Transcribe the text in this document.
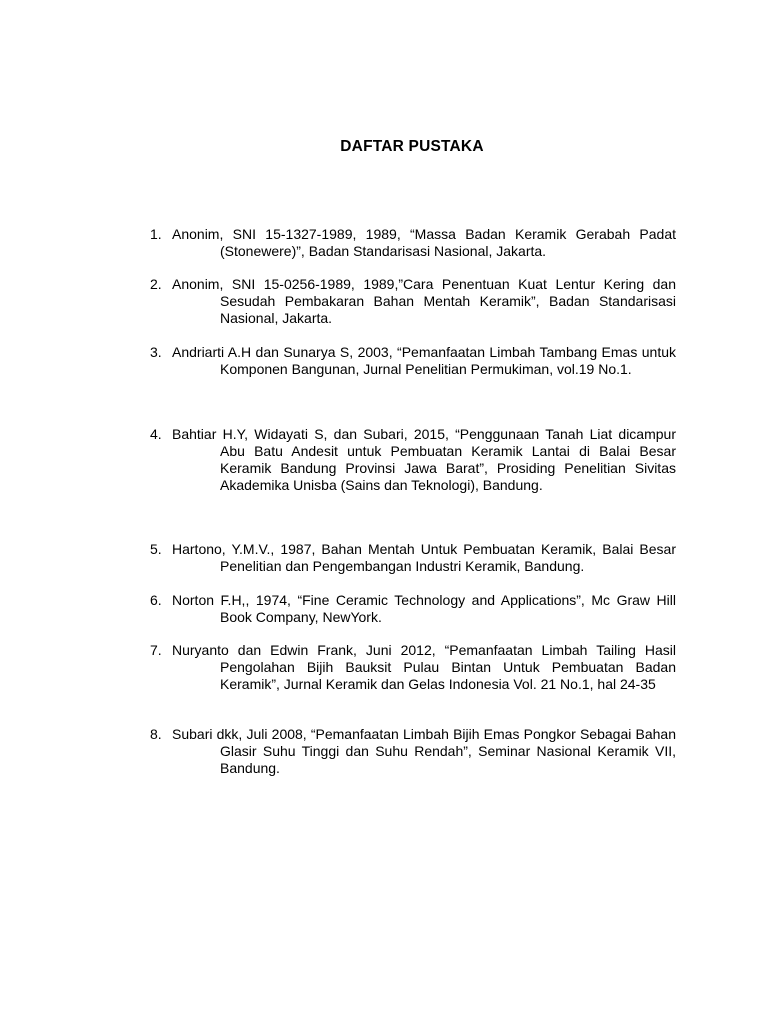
DAFTAR PUSTAKA
1. Anonim, SNI 15-1327-1989, 1989, “Massa Badan Keramik Gerabah Padat (Stonewere)”, Badan Standarisasi Nasional, Jakarta.
2. Anonim, SNI 15-0256-1989, 1989,”Cara Penentuan Kuat Lentur Kering dan Sesudah Pembakaran Bahan Mentah Keramik”, Badan Standarisasi Nasional, Jakarta.
3. Andriarti A.H dan Sunarya S, 2003, “Pemanfaatan Limbah Tambang Emas untuk Komponen Bangunan, Jurnal Penelitian Permukiman, vol.19 No.1.
4. Bahtiar H.Y, Widayati S, dan Subari, 2015, “Penggunaan Tanah Liat dicampur Abu Batu Andesit untuk Pembuatan Keramik Lantai di Balai Besar Keramik Bandung Provinsi Jawa Barat”, Prosiding Penelitian Sivitas Akademika Unisba (Sains dan Teknologi), Bandung.
5. Hartono, Y.M.V., 1987, Bahan Mentah Untuk Pembuatan Keramik, Balai Besar Penelitian dan Pengembangan Industri Keramik, Bandung.
6. Norton F.H,, 1974, “Fine Ceramic Technology and Applications”, Mc Graw Hill Book Company, NewYork.
7. Nuryanto dan Edwin Frank, Juni 2012, “Pemanfaatan Limbah Tailing Hasil Pengolahan Bijih Bauksit Pulau Bintan Untuk Pembuatan Badan Keramik”, Jurnal Keramik dan Gelas Indonesia Vol. 21 No.1, hal 24-35
8. Subari dkk, Juli 2008, “Pemanfaatan Limbah Bijih Emas Pongkor Sebagai Bahan Glasir Suhu Tinggi dan Suhu Rendah”, Seminar Nasional Keramik VII, Bandung.
